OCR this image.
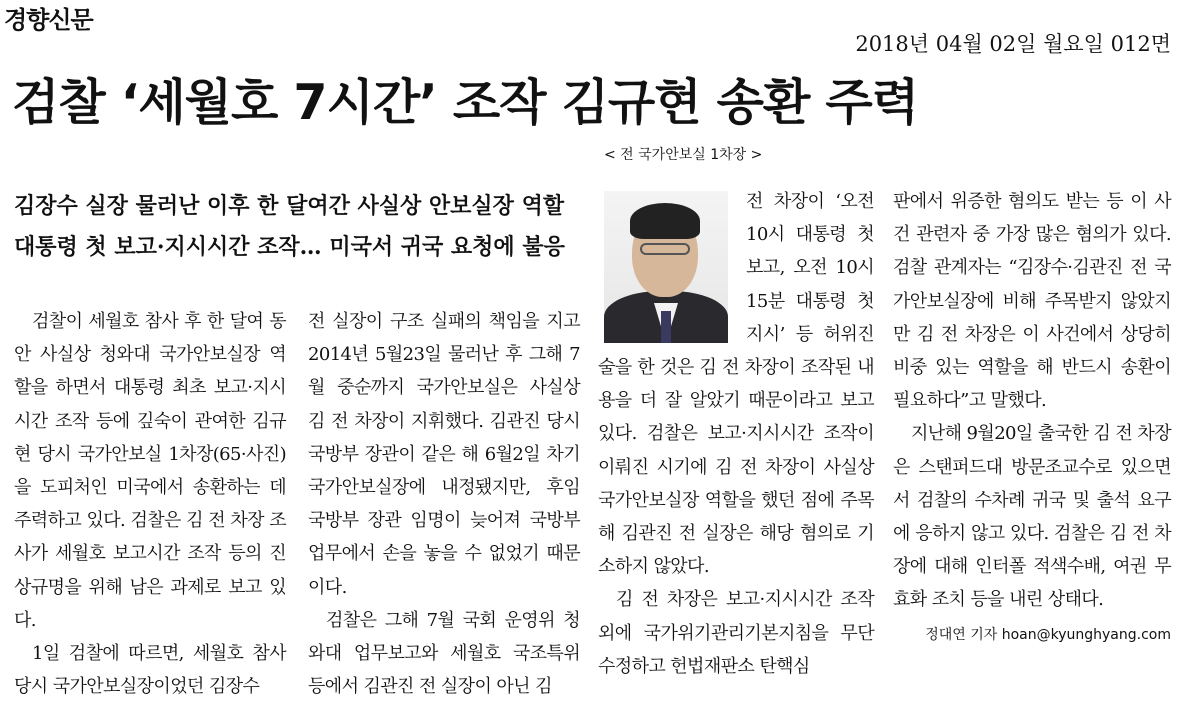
경향신문
2018년 04월 02일 월요일 012면
검찰 ‘세월호 7시간’ 조작 김규현 송환 주력
< 전 국가안보실 1차장 >
김장수 실장 물러난 이후 한 달여간 사실상 안보실장 역할
대통령 첫 보고·지시시간 조작… 미국서 귀국 요청에 불응

검찰이 세월호 참사 후 한 달여 동안 사실상 청와대 국가안보실장 역할을 하면서 대통령 최초 보고·지시시간 조작 등에 깊숙이 관여한 김규현 당시 국가안보실 1차장(65·사진)을 도피처인 미국에서 송환하는 데 주력하고 있다. 검찰은 김 전 차장 조사가 세월호 보고시간 조작 등의 진상규명을 위해 남은 과제로 보고 있다.

1일 검찰에 따르면, 세월호 참사 당시 국가안보실장이었던 김장수

전 실장이 구조 실패의 책임을 지고 2014년 5월23일 물러난 후 그해 7월 중순까지 국가안보실은 사실상 김 전 차장이 지휘했다. 김관진 당시 국방부 장관이 같은 해 6월2일 차기 국가안보실장에 내정됐지만, 후임 국방부 장관 임명이 늦어져 국방부 업무에서 손을 놓을 수 없었기 때문이다.

검찰은 그해 7월 국회 운영위 청와대 업무보고와 세월호 국조특위 등에서 김관진 전 실장이 아닌 김

전 차장이 ‘오전 10시 대통령 첫 보고, 오전 10시 15분 대통령 첫 지시’ 등 허위진술을 한 것은 김 전 차장이 조작된 내용을 더 잘 알았기 때문이라고 보고 있다. 검찰은 보고·지시시간 조작이 이뤄진 시기에 김 전 차장이 사실상 국가안보실장 역할을 했던 점에 주목해 김관진 전 실장은 해당 혐의로 기소하지 않았다.

김 전 차장은 보고·지시시간 조작 외에 국가위기관리기본지침을 무단 수정하고 헌법재판소 탄핵심

판에서 위증한 혐의도 받는 등 이 사건 관련자 중 가장 많은 혐의가 있다. 검찰 관계자는 “김장수·김관진 전 국가안보실장에 비해 주목받지 않았지만 김 전 차장은 이 사건에서 상당히 비중 있는 역할을 해 반드시 송환이 필요하다”고 말했다.

지난해 9월20일 출국한 김 전 차장은 스탠퍼드대 방문조교수로 있으면서 검찰의 수차례 귀국 및 출석 요구에 응하지 않고 있다. 검찰은 김 전 차장에 대해 인터폴 적색수배, 여권 무효화 조치 등을 내린 상태다.

정대연 기자 hoan@kyunghyang.com
